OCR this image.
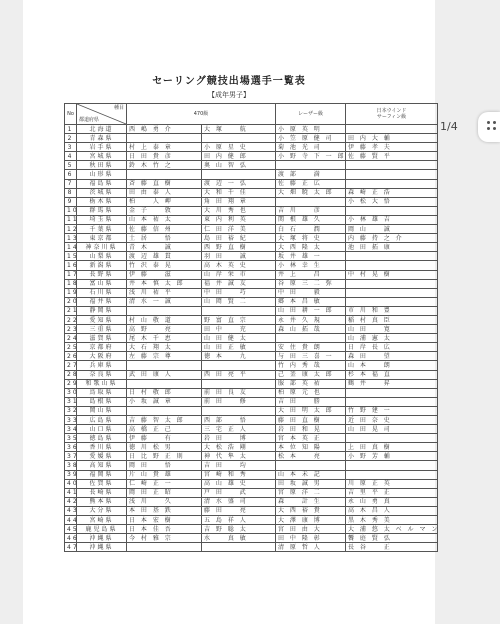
セーリング競技出場選手一覧表
【成年男子】
No	種目
都道府県	470級		レーザー級	日本ウインド
サーフィン級
1	北海道	西 嶋 勇 介	大 塚 　 航	小 原 英 明	
2	青森県			小 笠 原 健 司	田 内 大 輔
3	岩手県	村 上 泰 章	小 原 星 史	菊 池 光 司	伊 藤 孝 夫
4	宮城県	日 田 貴 彦	田 内 健 郎	小 野 寺 下 一 郎	佐 藤 賢 平
5	秋田県	鈴 木 竹 之	奥 山 智 弘		
6	山形県			渡 部 　 満	
7	福島県	斉 藤 直 樹	渡 辺 一 弘	佐 藤 正 広	
8	茨城県	田 由 泰 人	大 和 千 佳	大 畑 暁 太 郎	森 崎 正 浩
9	栃木県	柏 　 人 岬	角 田 翔 章		小 松 大 悟
10	群馬県	金 子 　 敦	大 川 秀 也	吉 川 　 彦	
11	埼玉県	山 本 祐 太	東 内 利 英	関 根 雄 久	小 林 雄 吉
12	千葉県	佐 藤 信 州	仁 田 洋 美	白 石 　 潤	岡 山 　 誠
13	東京都	土 居 　 悟	島 田 裕 紀	大 塚 将 史	内 藤 持 之 介
14	神奈川県	青 木 　 誠	西 野 直 樹	大 西 隆 太	池 田 拓 康
15	山梨県	渡 辺 雄 貫	羽 田 　 誠	坂 井 雄 一	
16	新潟県	竹 沢 泰 晃	高 木 英 史	小 林 幸 生	
17	長野県	伊 藤 　 滋	山 岸 栄 市	井 上 　 昌	中 村 晃 樹
18	富山県	井 本 慎 太 郎	福 井 誠 友	谷 原 三 二 弥	
19	石川県	浅 川 祐 平	中 田 　 巧	中 田 　 毅	
20	福井県	清 水 一 誠	山 岡 賢 二	郷 本 昌 敏	
21	静岡県			山 田 耕 一 郎	市 川 和 豊
22	愛知県	村 山 敬 道	野 富 直 宗	永 井 久 規	稲 村 真 臣
23	三重県	高 野 　 亮	田 中 　 充	森 山 拓 哉	山 田 　 寛
24	滋賀県	尾 木 千 恵	山 田 健 太		山 浦 憲 太
25	京都府	大 石 翔 太	山 田 正 敏	安 住 貴 朗	日 岸 長 広
26	大阪府	左 藤 宗 尊	徳 本 　 九	与 田 三 喜 一	森 田 　 望
27	兵庫県			竹 内 秀 哉	山 本 　 朗
28	奈良県	武 田 康 人	西 田 亮 平	己 釜 康 太 郎	杉 本 福 直
29	和歌山県			服 部 英 祐	鶴 井 　 昇
30	鳥取県	日 村 敬 郎	前 田 良 友	柏 原 元 也	
31	島根県	小 坂 誠 章	前 田 　 修	吉 田 　 勝	
32	岡山県			大 田 明 太 郎	竹 野 建 一
33	広島県	吉 藤 智 太 郎	西 部 　 悟	藤 田 直 樹	近 田 奈 史
34	山口県	高 橋 正 己	三 宅 正 人	岩 田 和 晃	山 田 晃 司
35	徳島県	伊 藤 　 有	岩 田 　 博	宮 本 英 正	
36	香川県	徳 川 松 男	大 松 浩 剛	本 位 知 陽	上 田 真 樹
37	愛媛県	日 比 野 正 則	神 代 隼 太	松 本 　 亮	小 野 芳 輔
38	高知県	岡 田 　 悟	吉 田 　 均		
39	福岡県	片 山 貴 雄	宮 崎 和 秀	山 本 未 記	
40	佐賀県	仁 崎 正 一	高 山 雄 史	田 坂 誠 男	川 原 正 英
41	長崎県	岡 田 正 昭	戸 田 　 武	宮 原 洋 二	吉 里 平 正
42	熊本県	浅 川 　 久	清 水 盛 司	森 　 計 生	永 山 勇 真
43	大分県	本 田 基 鉄	藤 田 　 亮	大 西 裕 貴	高 木 昌 人
44	宮崎県	日 本 宏 樹	五 島 祥 人	大 澤 康 博	黒 木 秀 美
45	鹿児島県	日 本 佳 吾	吉 野 聡 太	宮 田 由 大	大 浦 悠 太 ベ ル マ ン
46	沖縄県	今 村 雅 宗	水 　 真 敏	田 中 隆 彰	饗 庭 賢 弘
47	沖縄県			清 原 哲 人	長 谷 　 正
1/4
